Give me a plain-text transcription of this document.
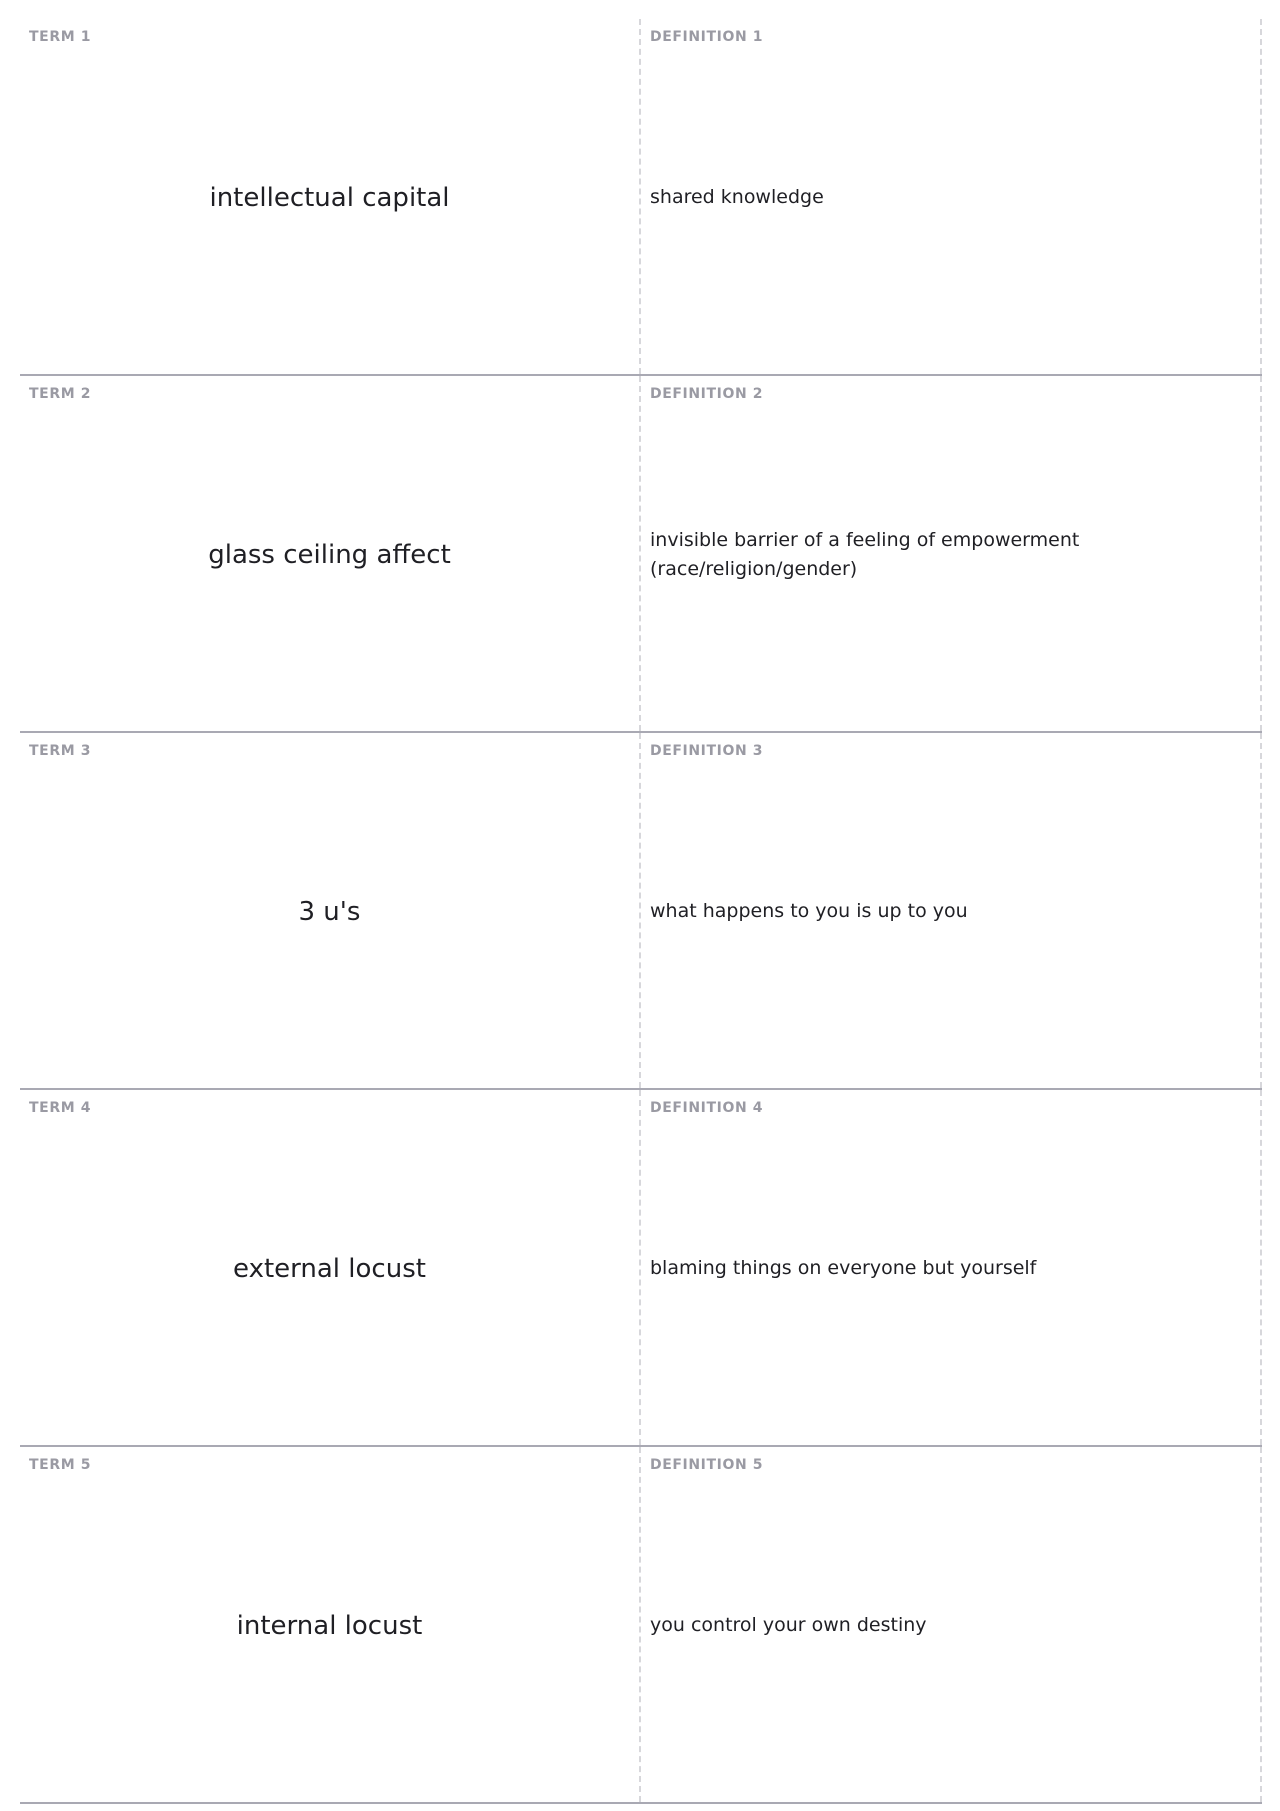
TERM 1
intellectual capital
DEFINITION 1
shared knowledge
TERM 2
glass ceiling affect
DEFINITION 2
invisible barrier of a feeling of empowerment (race/religion/gender)
TERM 3
3 u's
DEFINITION 3
what happens to you is up to you
TERM 4
external locust
DEFINITION 4
blaming things on everyone but yourself
TERM 5
internal locust
DEFINITION 5
you control your own destiny
